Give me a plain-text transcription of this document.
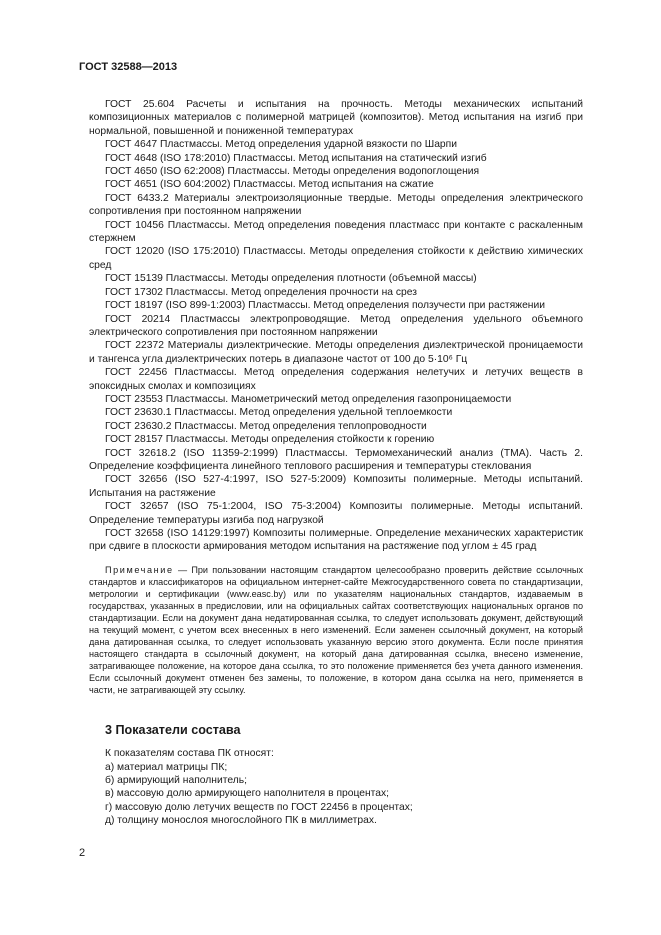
ГОСТ 32588—2013

ГОСТ 25.604 Расчеты и испытания на прочность. Методы механических испытаний композиционных материалов с полимерной матрицей (композитов). Метод испытания на изгиб при нормальной, повышенной и пониженной температурах

ГОСТ 4647 Пластмассы. Метод определения ударной вязкости по Шарпи

ГОСТ 4648 (ISO 178:2010) Пластмассы. Метод испытания на статический изгиб

ГОСТ 4650 (ISO 62:2008) Пластмассы. Методы определения водопоглощения

ГОСТ 4651 (ISO 604:2002) Пластмассы. Метод испытания на сжатие

ГОСТ 6433.2 Материалы электроизоляционные твердые. Методы определения электрического сопротивления при постоянном напряжении

ГОСТ 10456 Пластмассы. Метод определения поведения пластмасс при контакте с раскаленным стержнем

ГОСТ 12020 (ISO 175:2010) Пластмассы. Методы определения стойкости к действию химических сред

ГОСТ 15139 Пластмассы. Методы определения плотности (объемной массы)

ГОСТ 17302 Пластмассы. Метод определения прочности на срез

ГОСТ 18197 (ISO 899-1:2003) Пластмассы. Метод определения ползучести при растяжении

ГОСТ 20214 Пластмассы электропроводящие. Метод определения удельного объемного электрического сопротивления при постоянном напряжении

ГОСТ 22372 Материалы диэлектрические. Методы определения диэлектрической проницаемости и тангенса угла диэлектрических потерь в диапазоне частот от 100 до 5·10⁶ Гц

ГОСТ 22456 Пластмассы. Метод определения содержания нелетучих и летучих веществ в эпоксидных смолах и композициях

ГОСТ 23553 Пластмассы. Манометрический метод определения газопроницаемости

ГОСТ 23630.1 Пластмассы. Метод определения удельной теплоемкости

ГОСТ 23630.2 Пластмассы. Метод определения теплопроводности

ГОСТ 28157 Пластмассы. Методы определения стойкости к горению

ГОСТ 32618.2 (ISO 11359-2:1999) Пластмассы. Термомеханический анализ (ТМА). Часть 2. Определение коэффициента линейного теплового расширения и температуры стеклования

ГОСТ 32656 (ISO 527-4:1997, ISO 527-5:2009) Композиты полимерные. Методы испытаний. Испытания на растяжение

ГОСТ 32657 (ISO 75-1:2004, ISO 75-3:2004) Композиты полимерные. Методы испытаний. Определение температуры изгиба под нагрузкой

ГОСТ 32658 (ISO 14129:1997) Композиты полимерные. Определение механических характеристик при сдвиге в плоскости армирования методом испытания на растяжение под углом ± 45 град

Примечание — При пользовании настоящим стандартом целесообразно проверить действие ссылочных стандартов и классификаторов на официальном интернет-сайте Межгосударственного совета по стандартизации, метрологии и сертификации (www.easc.by) или по указателям национальных стандартов, издаваемым в государствах, указанных в предисловии, или на официальных сайтах соответствующих национальных органов по стандартизации. Если на документ дана недатированная ссылка, то следует использовать документ, действующий на текущий момент, с учетом всех внесенных в него изменений. Если заменен ссылочный документ, на который дана датированная ссылка, то следует использовать указанную версию этого документа. Если после принятия настоящего стандарта в ссылочный документ, на который дана датированная ссылка, внесено изменение, затрагивающее положение, на которое дана ссылка, то это положение применяется без учета данного изменения. Если ссылочный документ отменен без замены, то положение, в котором дана ссылка на него, применяется в части, не затрагивающей эту ссылку.
3 Показатели состава
К показателям состава ПК относят:
а) материал матрицы ПК;
б) армирующий наполнитель;
в) массовую долю армирующего наполнителя в процентах;
г) массовую долю летучих веществ по ГОСТ 22456 в процентах;
д) толщину монослоя многослойного ПК в миллиметрах.
2
